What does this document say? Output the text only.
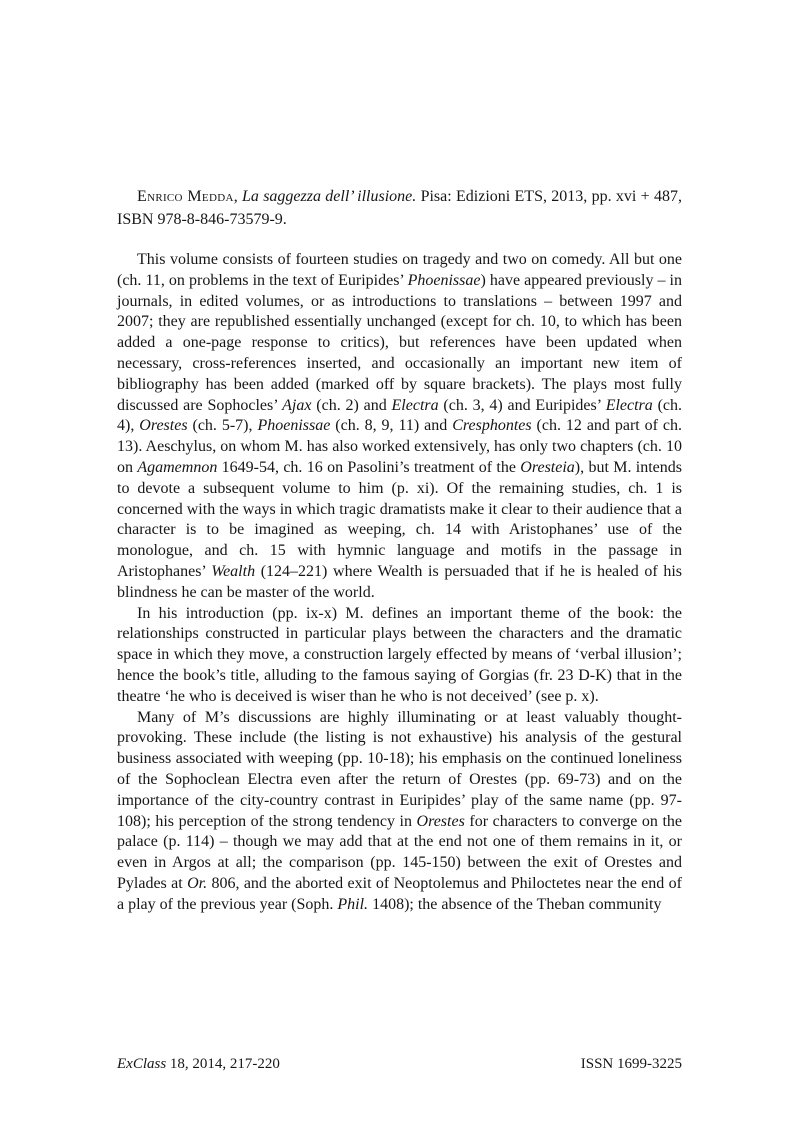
Enrico Medda, La saggezza dell’ illusione. Pisa: Edizioni ETS, 2013, pp. xvi + 487, ISBN 978-8-846-73579-9.

This volume consists of fourteen studies on tragedy and two on comedy. All but one (ch. 11, on problems in the text of Euripides’ Phoenissae) have appeared previously – in journals, in edited volumes, or as introductions to translations – between 1997 and 2007; they are republished essentially unchanged (except for ch. 10, to which has been added a one-page response to critics), but references have been updated when necessary, cross-references inserted, and occasionally an important new item of bibliography has been added (marked off by square brackets). The plays most fully discussed are Sophocles’ Ajax (ch. 2) and Electra (ch. 3, 4) and Euripides’ Electra (ch. 4), Orestes (ch. 5-7), Phoenissae (ch. 8, 9, 11) and Cresphontes (ch. 12 and part of ch. 13). Aeschylus, on whom M. has also worked extensively, has only two chapters (ch. 10 on Agamemnon 1649-54, ch. 16 on Pasolini’s treatment of the Oresteia), but M. intends to devote a subsequent volume to him (p. xi). Of the remaining studies, ch. 1 is concerned with the ways in which tragic dramatists make it clear to their audience that a character is to be imagined as weeping, ch. 14 with Aristophanes’ use of the monologue, and ch. 15 with hymnic language and motifs in the passage in Aristophanes’ Wealth (124–221) where Wealth is persuaded that if he is healed of his blindness he can be master of the world.

In his introduction (pp. ix-x) M. defines an important theme of the book: the relationships constructed in particular plays between the characters and the dramatic space in which they move, a construction largely effected by means of ‘verbal illusion’; hence the book’s title, alluding to the famous saying of Gorgias (fr. 23 D-K) that in the theatre ‘he who is deceived is wiser than he who is not deceived’ (see p. x).

Many of M’s discussions are highly illuminating or at least valuably thought-provoking. These include (the listing is not exhaustive) his analysis of the gestural business associated with weeping (pp. 10-18); his emphasis on the continued loneliness of the Sophoclean Electra even after the return of Orestes (pp. 69-73) and on the importance of the city-country contrast in Euripides’ play of the same name (pp. 97-108); his perception of the strong tendency in Orestes for characters to converge on the palace (p. 114) – though we may add that at the end not one of them remains in it, or even in Argos at all; the comparison (pp. 145-150) between the exit of Orestes and Pylades at Or. 806, and the aborted exit of Neoptolemus and Philoctetes near the end of a play of the previous year (Soph. Phil. 1408); the absence of the Theban community

ExClass 18, 2014, 217-220	ISSN 1699-3225
